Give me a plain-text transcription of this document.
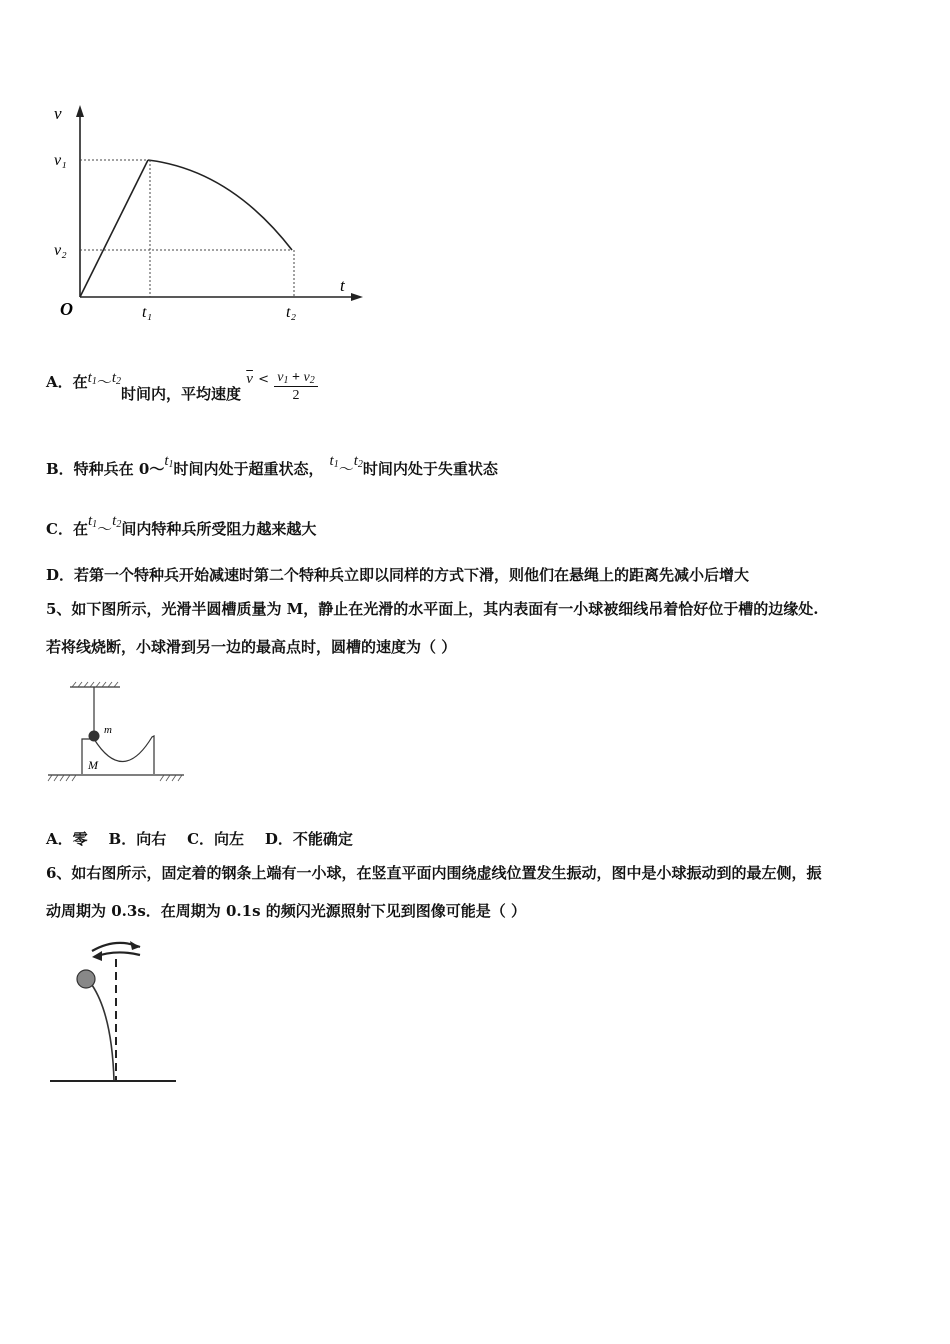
v
t
v₁
v₂
O	t₁	t₂
A．在$t^1\sim t^2$时间内，平均速度 $\overline{v} < \frac{v_1 + v_2}{2}$
B．特种兵在 $0\sim t_1$时间内处于超重状态， $t_1\sim t_2$时间内处于失重状态
C．在$t_1\sim t_2$间内特种兵所受阻力越来越大
D．若第一个特种兵开始减速时第二个特种兵立即以同样的方式下滑，则他们在悬绳上的距离先减小后增大
5、如下图所示，光滑半圆槽质量为 M，静止在光滑的水平面上，其内表面有一小球被细线吊着恰好位于槽的边缘处.
若将线烧断，小球滑到另一边的最高点时，圆槽的速度为（ ）
m
M
A．零    B．向右    C．向左    D．不能确定
6、如右图所示，固定着的钢条上端有一小球，在竖直平面内围绕虚线位置发生振动，图中是小球振动到的最左侧，振
动周期为 0.3s．在周期为 0.1s 的频闪光源照射下见到图像可能是（ ）
